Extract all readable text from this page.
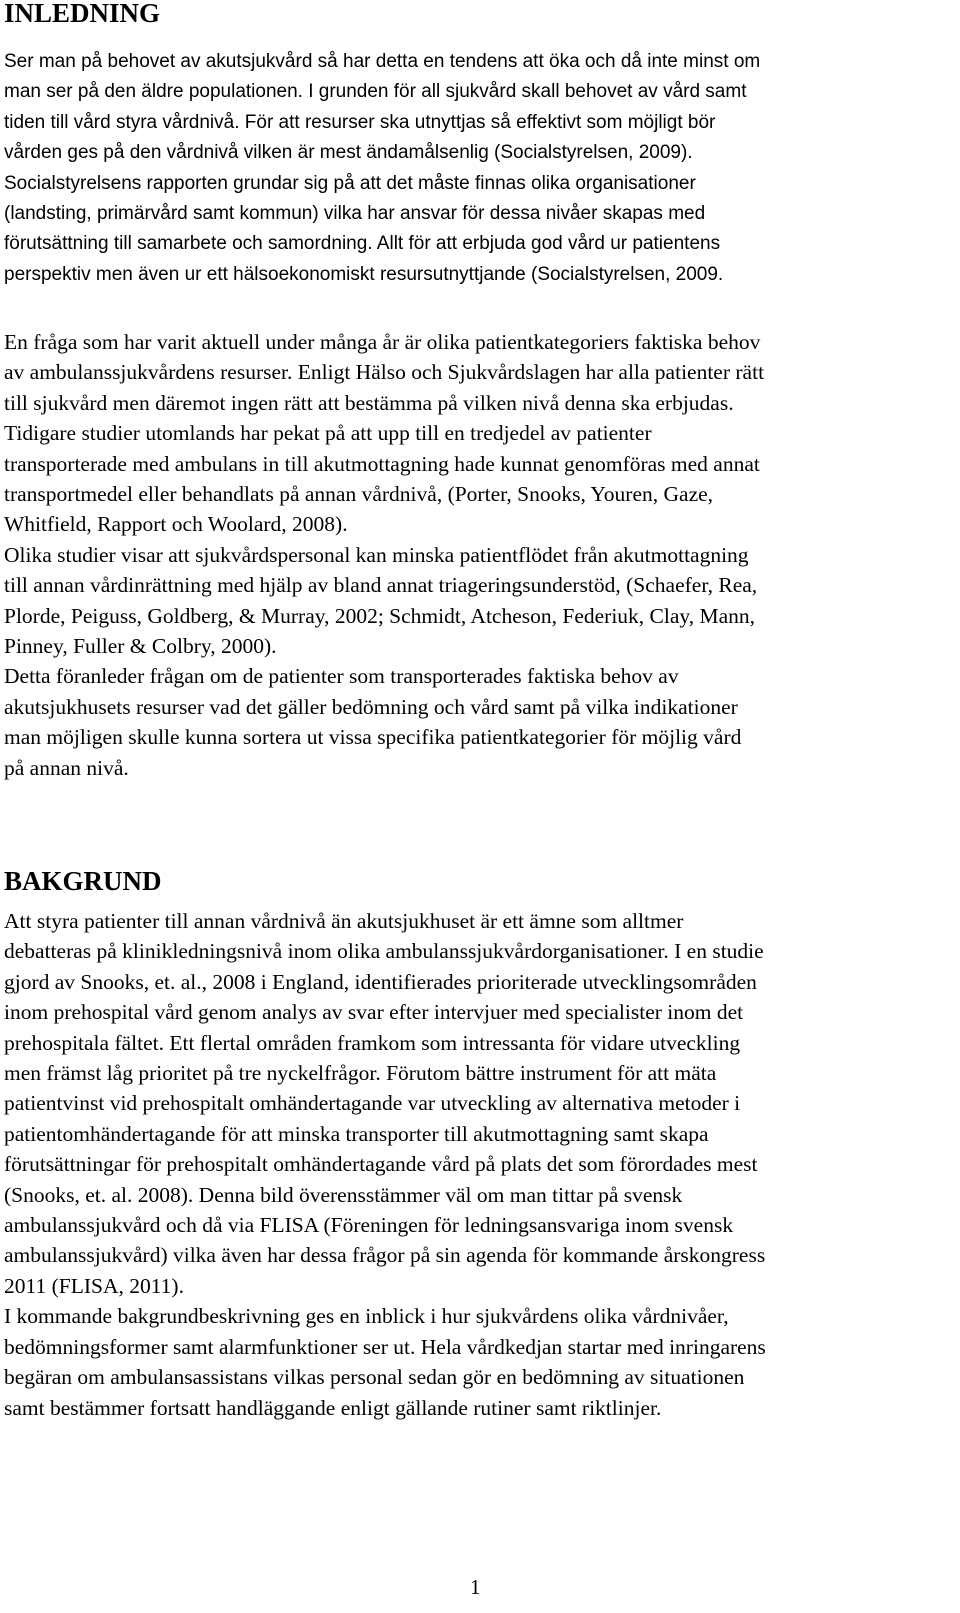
INLEDNING
Ser man på behovet av akutsjukvård så har detta en tendens att öka och då inte minst om
man ser på den äldre populationen. I grunden för all sjukvård skall behovet av vård samt
tiden till vård styra vårdnivå. För att resurser ska utnyttjas så effektivt som möjligt bör
vården ges på den vårdnivå vilken är mest ändamålsenlig (Socialstyrelsen, 2009).
Socialstyrelsens rapporten grundar sig på att det måste finnas olika organisationer
(landsting, primärvård samt kommun) vilka har ansvar för dessa nivåer skapas med
förutsättning till samarbete och samordning. Allt för att erbjuda god vård ur patientens
perspektiv men även ur ett hälsoekonomiskt resursutnyttjande (Socialstyrelsen, 2009.
En fråga som har varit aktuell under många år är olika patientkategoriers faktiska behov
av ambulanssjukvårdens resurser. Enligt Hälso och Sjukvårdslagen har alla patienter rätt
till sjukvård men däremot ingen rätt att bestämma på vilken nivå denna ska erbjudas.
Tidigare studier utomlands har pekat på att upp till en tredjedel av patienter
transporterade med ambulans in till akutmottagning hade kunnat genomföras med annat
transportmedel eller behandlats på annan vårdnivå, (Porter, Snooks, Youren, Gaze,
Whitfield, Rapport och Woolard, 2008).
Olika studier visar att sjukvårdspersonal kan minska patientflödet från akutmottagning
till annan vårdinrättning med hjälp av bland annat triageringsunderstöd, (Schaefer, Rea,
Plorde, Peiguss, Goldberg, & Murray, 2002; Schmidt, Atcheson, Federiuk, Clay, Mann,
Pinney, Fuller & Colbry, 2000).
Detta föranleder frågan om de patienter som transporterades faktiska behov av
akutsjukhusets resurser vad det gäller bedömning och vård samt på vilka indikationer
man möjligen skulle kunna sortera ut vissa specifika patientkategorier för möjlig vård
på annan nivå.
BAKGRUND
Att styra patienter till annan vårdnivå än akutsjukhuset är ett ämne som alltmer
debatteras på klinikledningsnivå inom olika ambulanssjukvårdorganisationer. I en studie
gjord av Snooks, et. al., 2008 i England, identifierades prioriterade utvecklingsområden
inom prehospital vård genom analys av svar efter intervjuer med specialister inom det
prehospitala fältet. Ett flertal områden framkom som intressanta för vidare utveckling
men främst låg prioritet på tre nyckelfrågor. Förutom bättre instrument för att mäta
patientvinst vid prehospitalt omhändertagande var utveckling av alternativa metoder i
patientomhändertagande för att minska transporter till akutmottagning samt skapa
förutsättningar för prehospitalt omhändertagande vård på plats det som förordades mest
(Snooks, et. al. 2008). Denna bild överensstämmer väl om man tittar på svensk
ambulanssjukvård och då via FLISA (Föreningen för ledningsansvariga inom svensk
ambulanssjukvård) vilka även har dessa frågor på sin agenda för kommande årskongress
2011 (FLISA, 2011).
I kommande bakgrundbeskrivning ges en inblick i hur sjukvårdens olika vårdnivåer,
bedömningsformer samt alarmfunktioner ser ut. Hela vårdkedjan startar med inringarens
begäran om ambulansassistans vilkas personal sedan gör en bedömning av situationen
samt bestämmer fortsatt handläggande enligt gällande rutiner samt riktlinjer.
1
